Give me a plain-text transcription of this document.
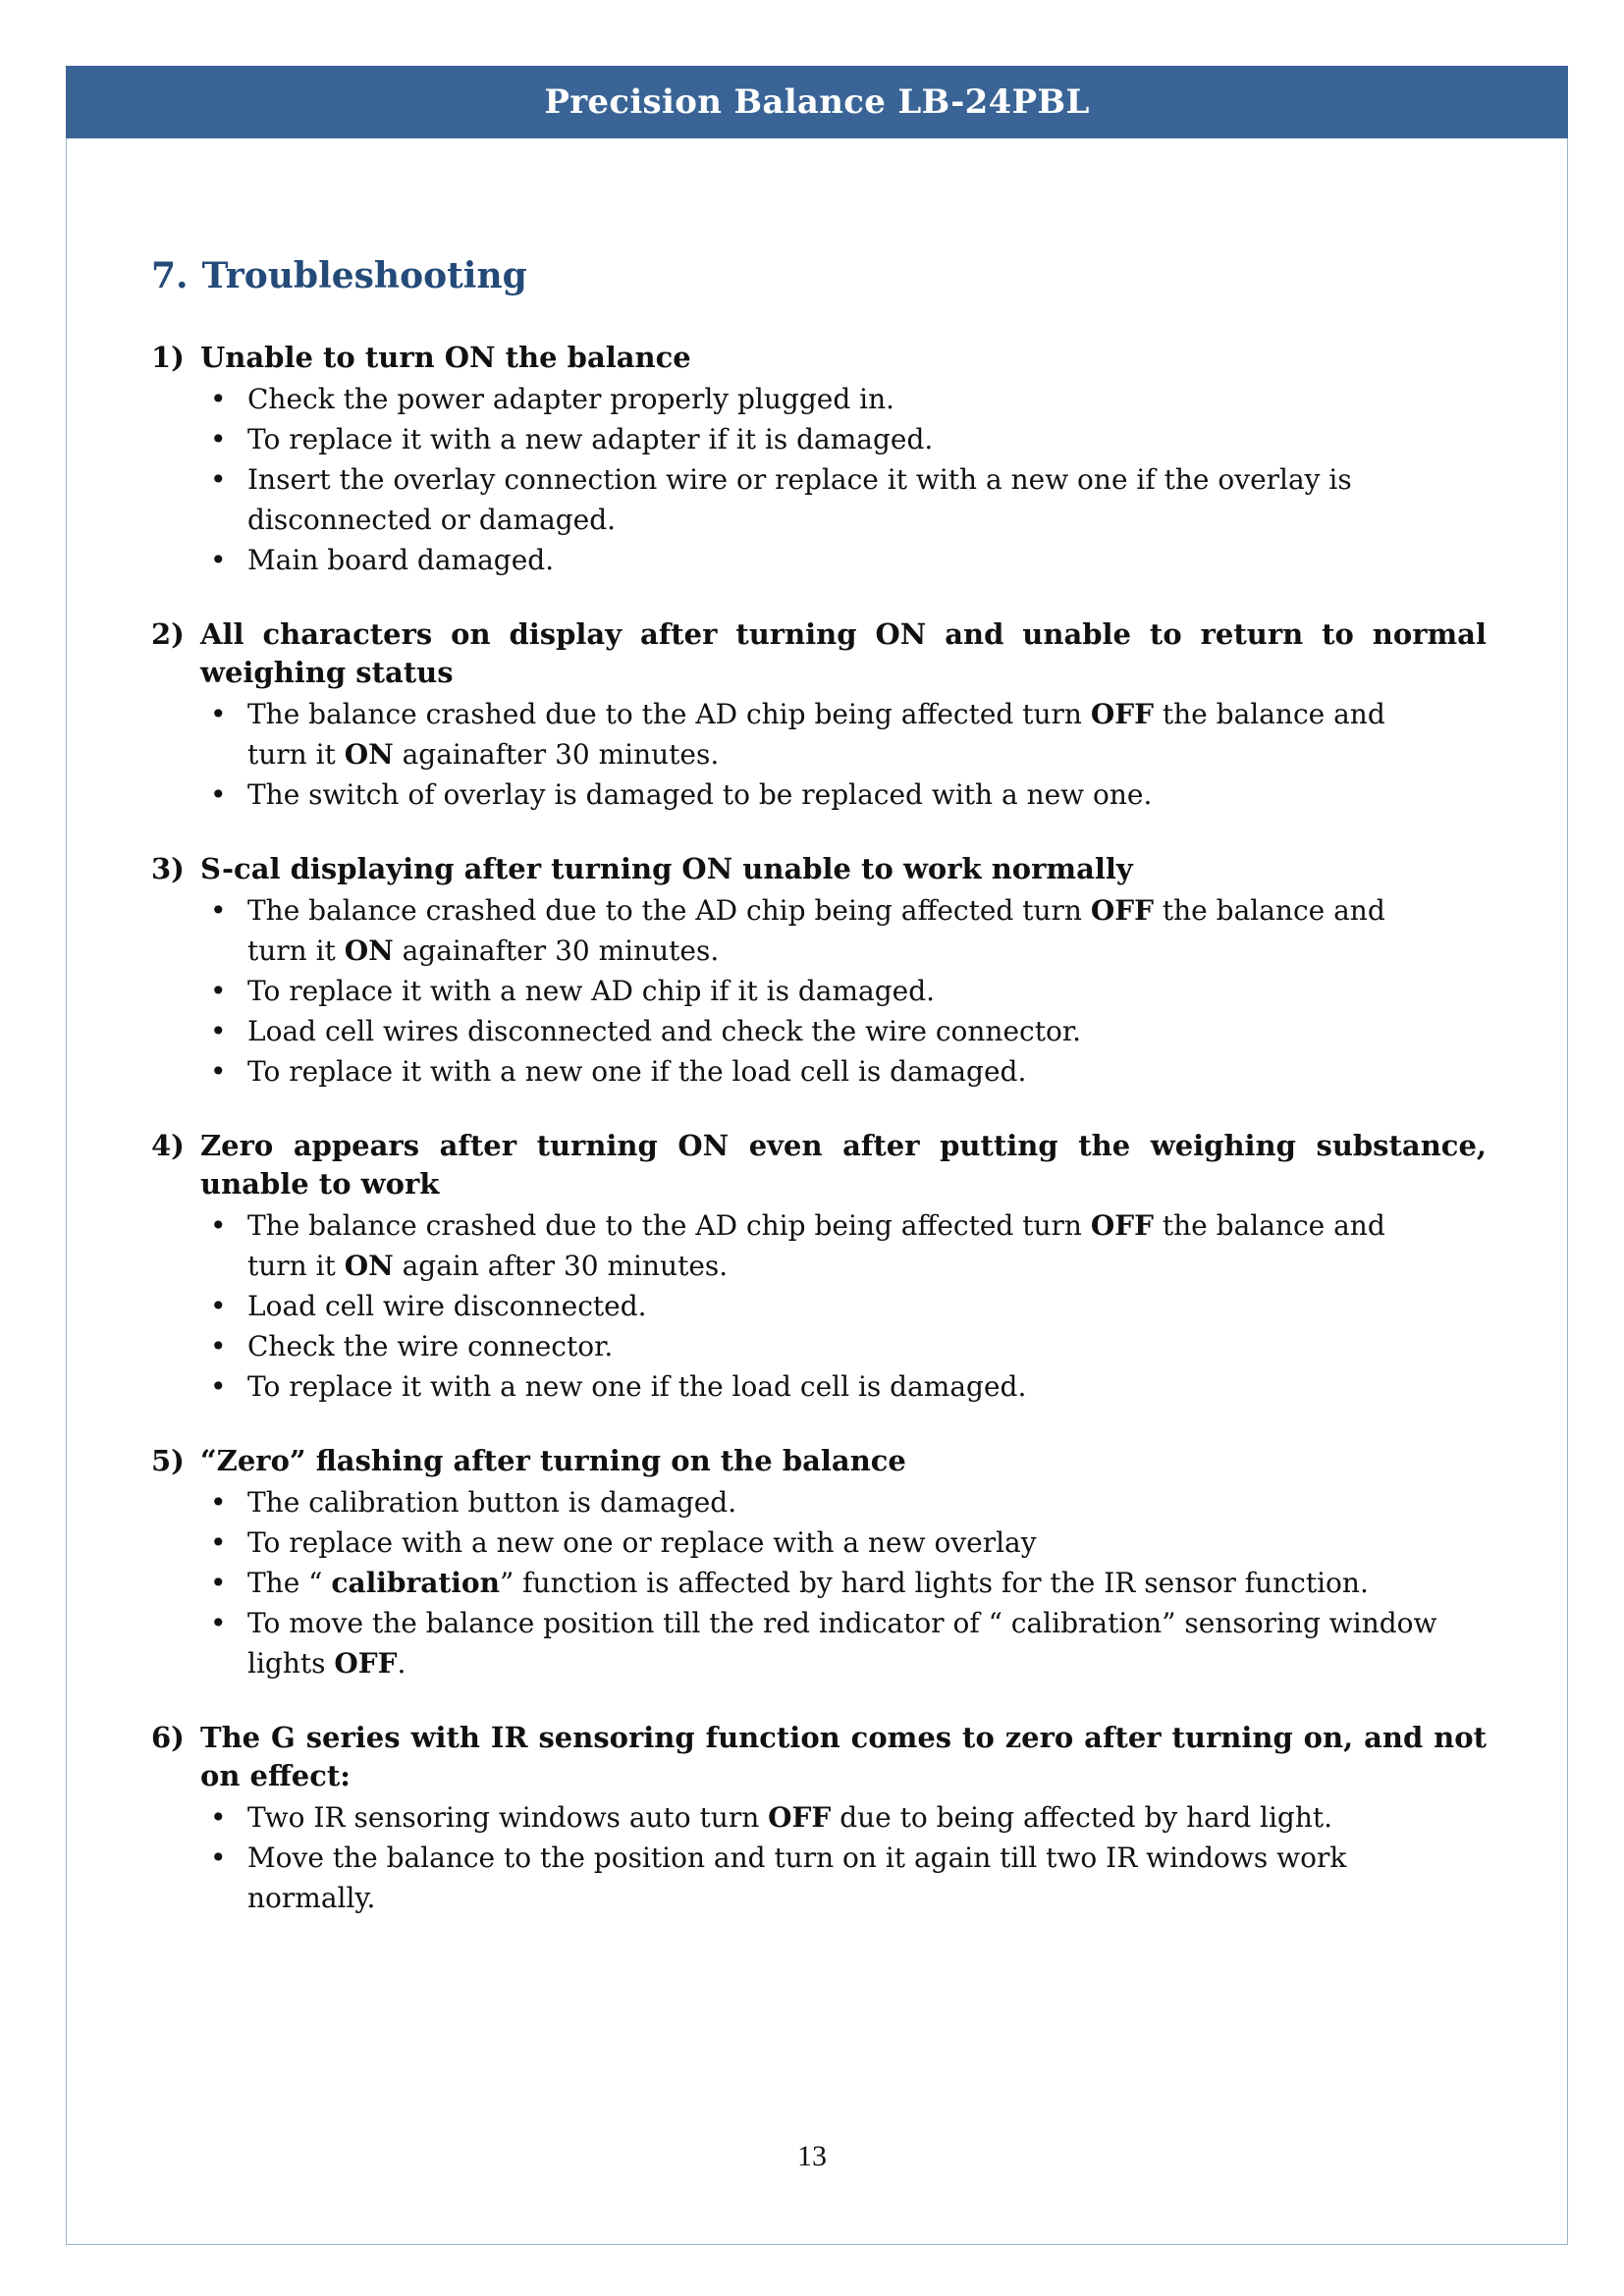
Precision Balance LB-24PBL
7. Troubleshooting
1) Unable to turn ON the balance
• Check the power adapter properly plugged in.
• To replace it with a new adapter if it is damaged.
• Insert the overlay connection wire or replace it with a new one if the overlay is disconnected or damaged.
• Main board damaged.
2) All characters on display after turning ON and unable to return to normal weighing status
• The balance crashed due to the AD chip being affected turn OFF the balance and turn it ON againafter 30 minutes.
• The switch of overlay is damaged to be replaced with a new one.
3) S-cal displaying after turning ON unable to work normally
• The balance crashed due to the AD chip being affected turn OFF the balance and turn it ON againafter 30 minutes.
• To replace it with a new AD chip if it is damaged.
• Load cell wires disconnected and check the wire connector.
• To replace it with a new one if the load cell is damaged.
4) Zero appears after turning ON even after putting the weighing substance, unable to work
• The balance crashed due to the AD chip being affected turn OFF the balance and turn it ON again after 30 minutes.
• Load cell wire disconnected.
• Check the wire connector.
• To replace it with a new one if the load cell is damaged.
5) “Zero” flashing after turning on the balance
• The calibration button is damaged.
• To replace with a new one or replace with a new overlay
• The “ calibration” function is affected by hard lights for the IR sensor function.
• To move the balance position till the red indicator of “ calibration” sensoring window lights OFF.
6) The G series with IR sensoring function comes to zero after turning on, and not on effect:
• Two IR sensoring windows auto turn OFF due to being affected by hard light.
• Move the balance to the position and turn on it again till two IR windows work normally.
13
